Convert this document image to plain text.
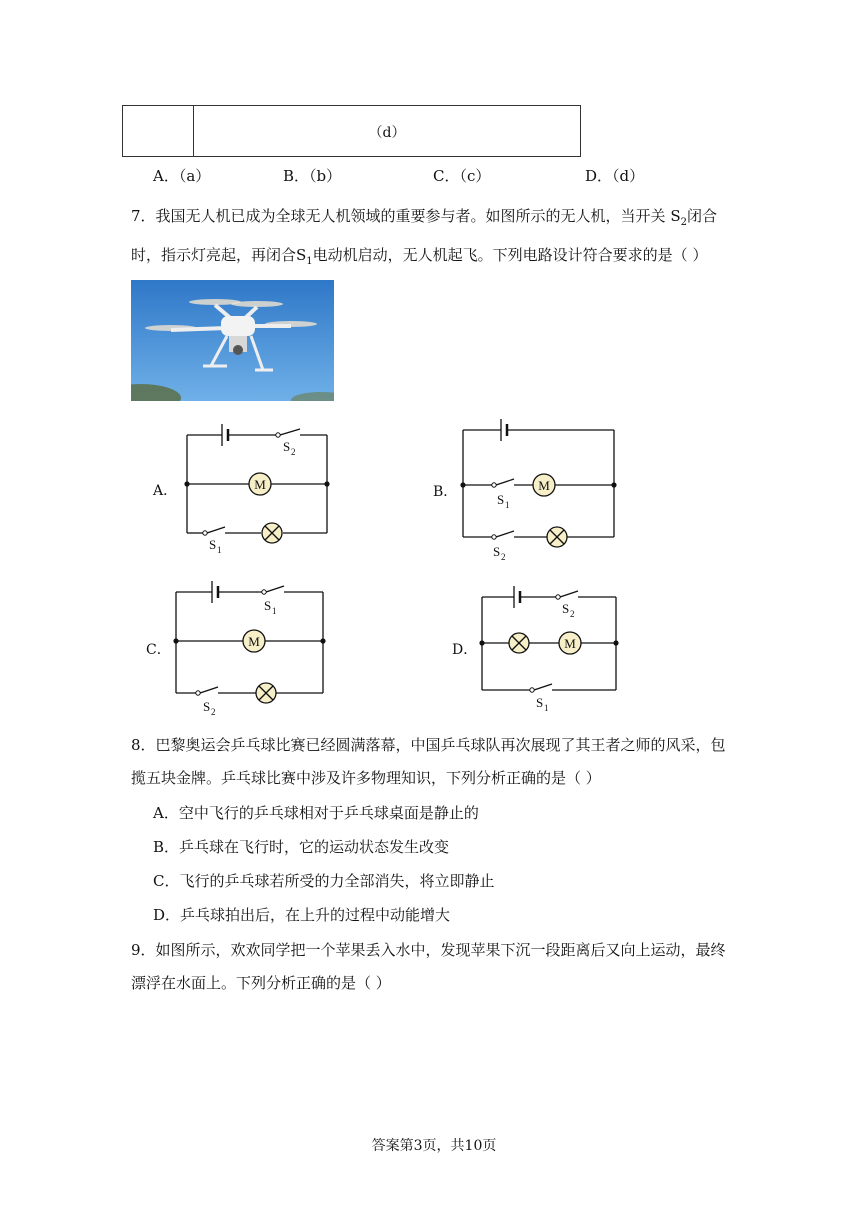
（d）
A．（a）	B．（b）	C．（c）	D．（d）
7．我国无人机已成为全球无人机领域的重要参与者。如图所示的无人机，当开关 $S_2$闭合
时，指示灯亮起，再闭合$S_1$电动机启动，无人机起飞。下列电路设计符合要求的是（ ）
A．	B．
C．	D．
M
S 2
S 1
M
S 1
S 2
M
S 1
S 2
M
S 2
S 1
8．巴黎奥运会乒乓球比赛已经圆满落幕，中国乒乓球队再次展现了其王者之师的风采，包
揽五块金牌。乒乓球比赛中涉及许多物理知识，下列分析正确的是（ ）
A．空中飞行的乒乓球相对于乒乓球桌面是静止的
B．乒乓球在飞行时，它的运动状态发生改变
C．飞行的乒乓球若所受的力全部消失，将立即静止
D．乒乓球拍出后，在上升的过程中动能增大
9．如图所示，欢欢同学把一个苹果丢入水中，发现苹果下沉一段距离后又向上运动，最终
漂浮在水面上。下列分析正确的是（ ）
答案第3页，共10页
